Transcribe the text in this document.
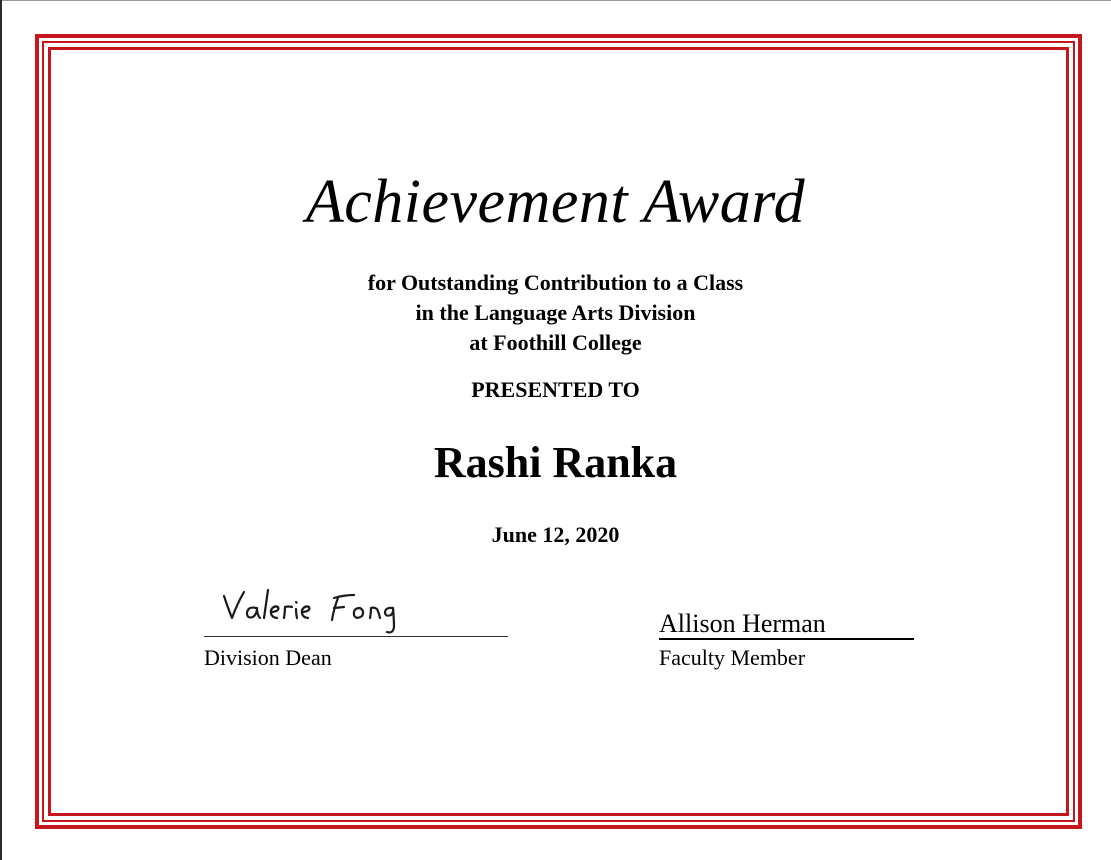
Achievement Award
for Outstanding Contribution to a Class
in the Language Arts Division
at Foothill College
PRESENTED TO
Rashi Ranka
June 12, 2020
Division Dean
Allison Herman
Faculty Member
